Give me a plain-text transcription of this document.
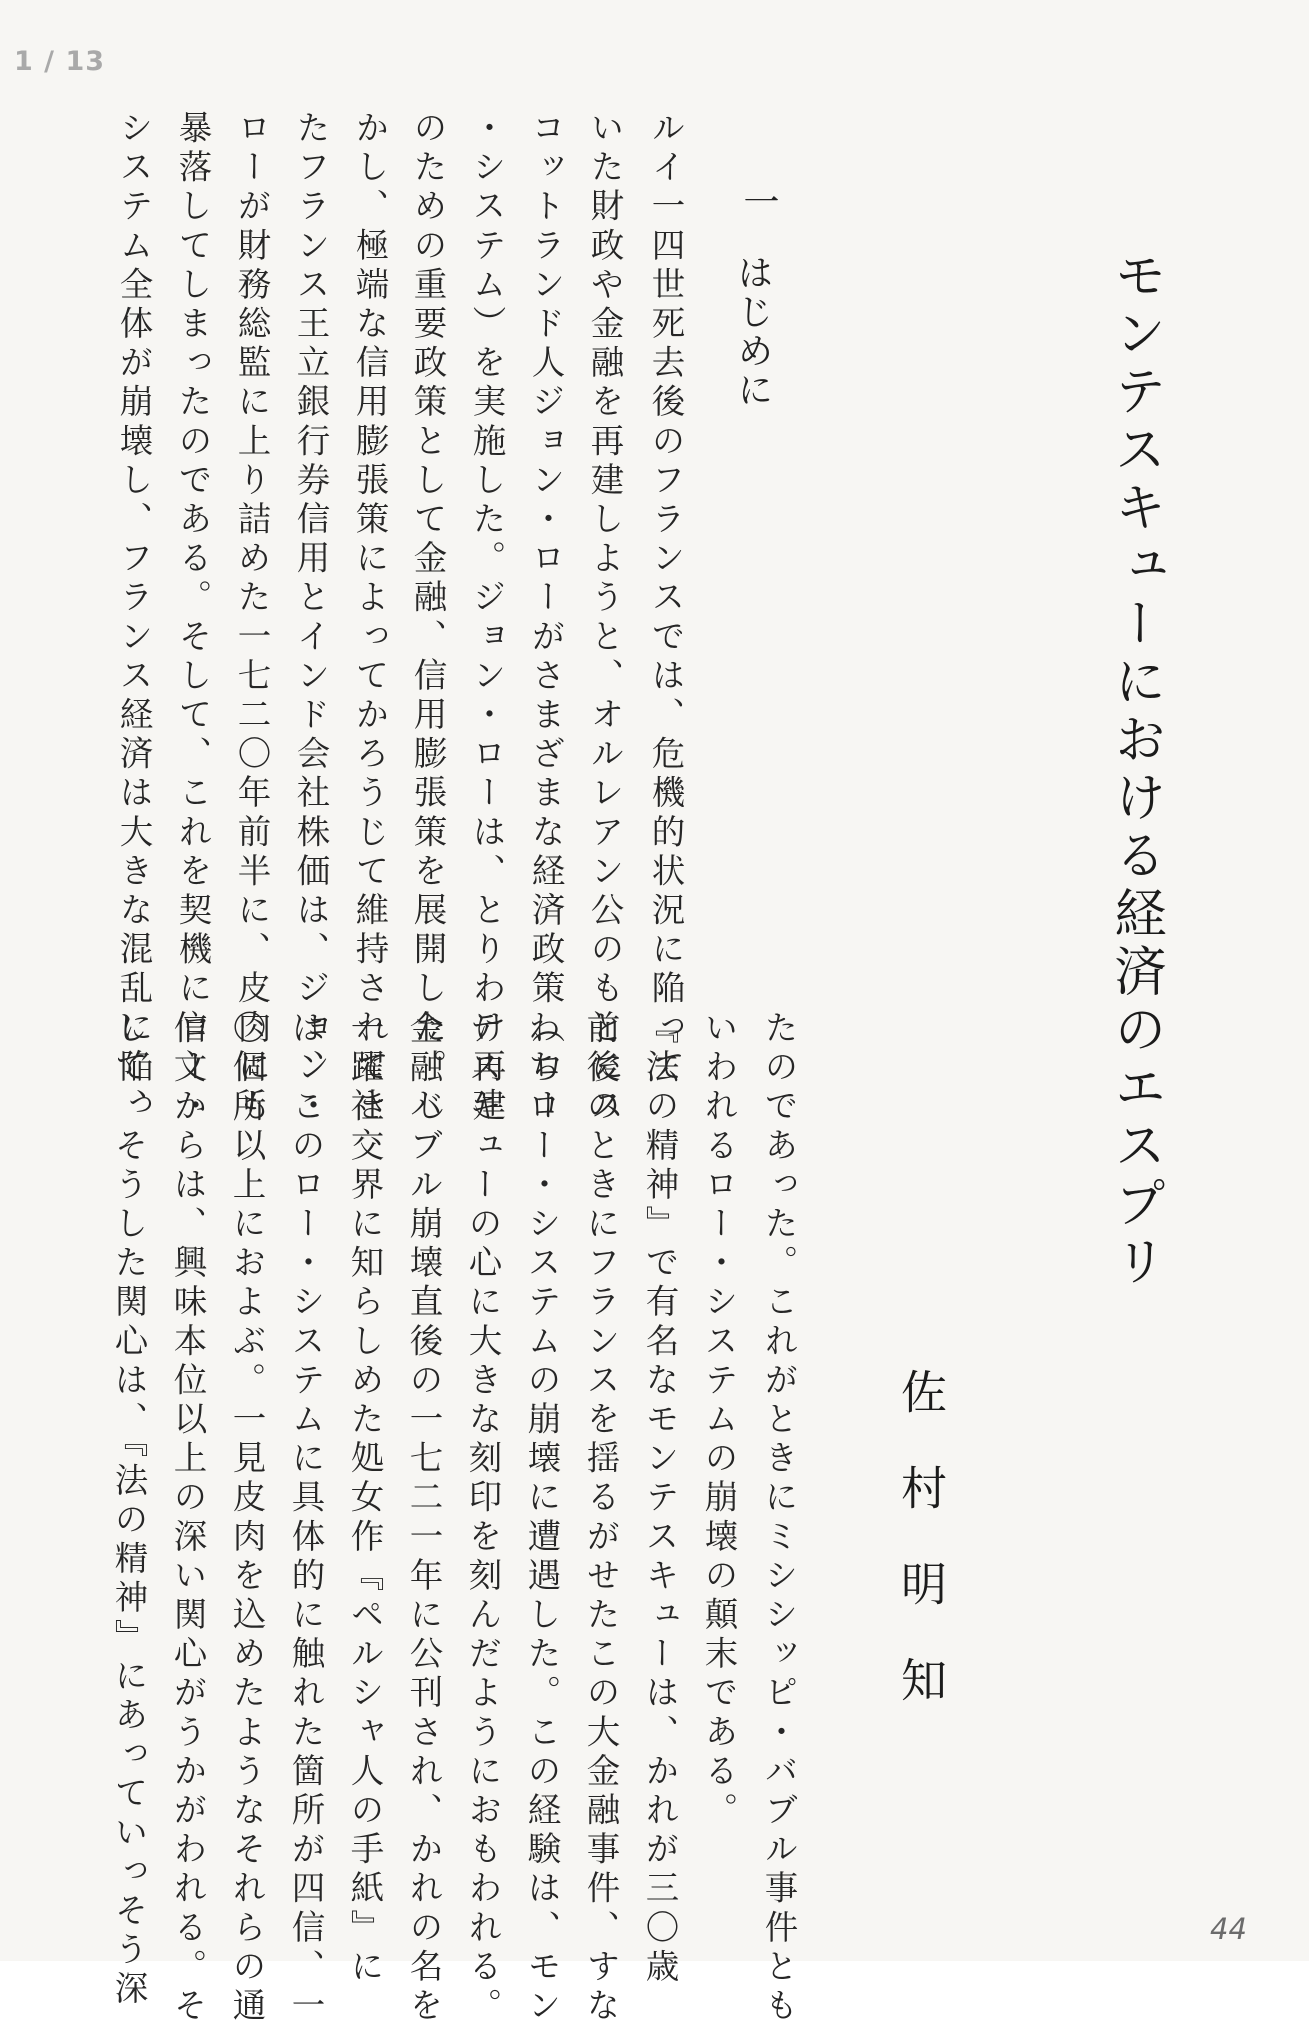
1 / 13
モンテスキューにおける経済のエスプリ
佐村明知
一
はじめに
ルイ一四世死去後のフランスでは、危機的状況に陥って
いた財政や金融を再建しようと、オルレアン公のもとにス
コットランド人ジョン・ローがさまざまな経済政策（ロー
・システム）を実施した。ジョン・ローは、とりわけ再建
のための重要政策として金融、信用膨張策を展開した。し
かし、極端な信用膨張策によってかろうじて維持されてき
たフランス王立銀行券信用とインド会社株価は、ジョン・
ローが財務総監に上り詰めた一七二〇年前半に、皮肉にも
暴落してしまったのである。そして、これを契機にロー・
システム全体が崩壊し、フランス経済は大きな混乱に陥っ
たのであった。これがときにミシシッピ・バブル事件とも
いわれるロー・システムの崩壊の顛末である。
『法の精神』で有名なモンテスキューは、かれが三〇歳
前後のときにフランスを揺るがせたこの大金融事件、すな
わちロー・システムの崩壊に遭遇した。この経験は、モン
テスキューの心に大きな刻印を刻んだようにおもわれる。
金融バブル崩壊直後の一七二一年に公刊され、かれの名を
一躍社交界に知らしめた処女作『ペルシャ人の手紙』に
は、このロー・システムに具体的に触れた箇所が四信、一
〇個所以上におよぶ。一見皮肉を込めたようなそれらの通
信文からは、興味本位以上の深い関心がうかがわれる。そ
して、そうした関心は、『法の精神』にあっていっそう深	44
